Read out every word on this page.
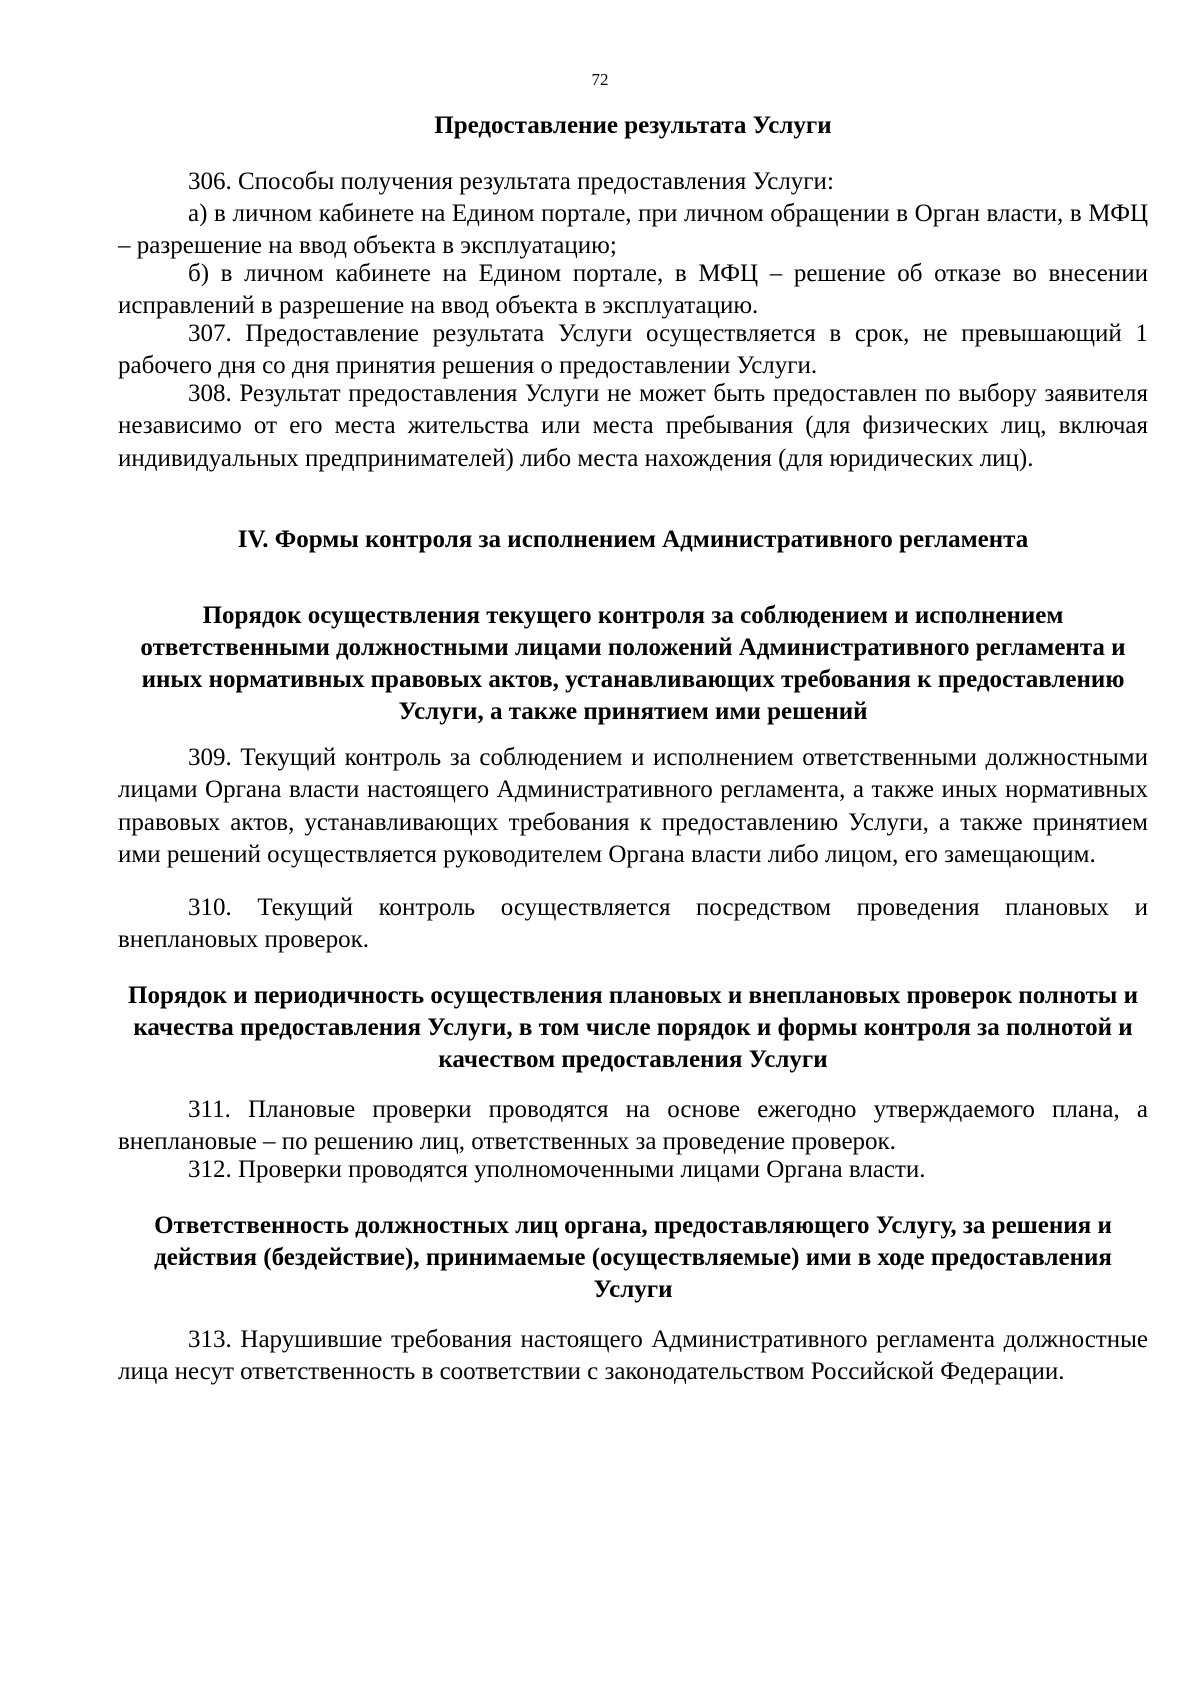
72
Предоставление результата Услуги
306. Способы получения результата предоставления Услуги:
а) в личном кабинете на Едином портале, при личном обращении в Орган власти, в МФЦ – разрешение на ввод объекта в эксплуатацию;
б) в личном кабинете на Едином портале, в МФЦ – решение об отказе во внесении исправлений в разрешение на ввод объекта в эксплуатацию.
307. Предоставление результата Услуги осуществляется в срок, не превышающий 1 рабочего дня со дня принятия решения о предоставлении Услуги.
308. Результат предоставления Услуги не может быть предоставлен по выбору заявителя независимо от его места жительства или места пребывания (для физических лиц, включая индивидуальных предпринимателей) либо места нахождения (для юридических лиц).
IV. Формы контроля за исполнением Административного регламента
Порядок осуществления текущего контроля за соблюдением и исполнением ответственными должностными лицами положений Административного регламента и иных нормативных правовых актов, устанавливающих требования к предоставлению Услуги, а также принятием ими решений
309. Текущий контроль за соблюдением и исполнением ответственными должностными лицами Органа власти настоящего Административного регламента, а также иных нормативных правовых актов, устанавливающих требования к предоставлению Услуги, а также принятием ими решений осуществляется руководителем Органа власти либо лицом, его замещающим.
310. Текущий контроль осуществляется посредством проведения плановых и внеплановых проверок.
Порядок и периодичность осуществления плановых и внеплановых проверок полноты и качества предоставления Услуги, в том числе порядок и формы контроля за полнотой и качеством предоставления Услуги
311. Плановые проверки проводятся на основе ежегодно утверждаемого плана, а внеплановые – по решению лиц, ответственных за проведение проверок.
312. Проверки проводятся уполномоченными лицами Органа власти.
Ответственность должностных лиц органа, предоставляющего Услугу, за решения и действия (бездействие), принимаемые (осуществляемые) ими в ходе предоставления Услуги
313. Нарушившие требования настоящего Административного регламента должностные лица несут ответственность в соответствии с законодательством Российской Федерации.
